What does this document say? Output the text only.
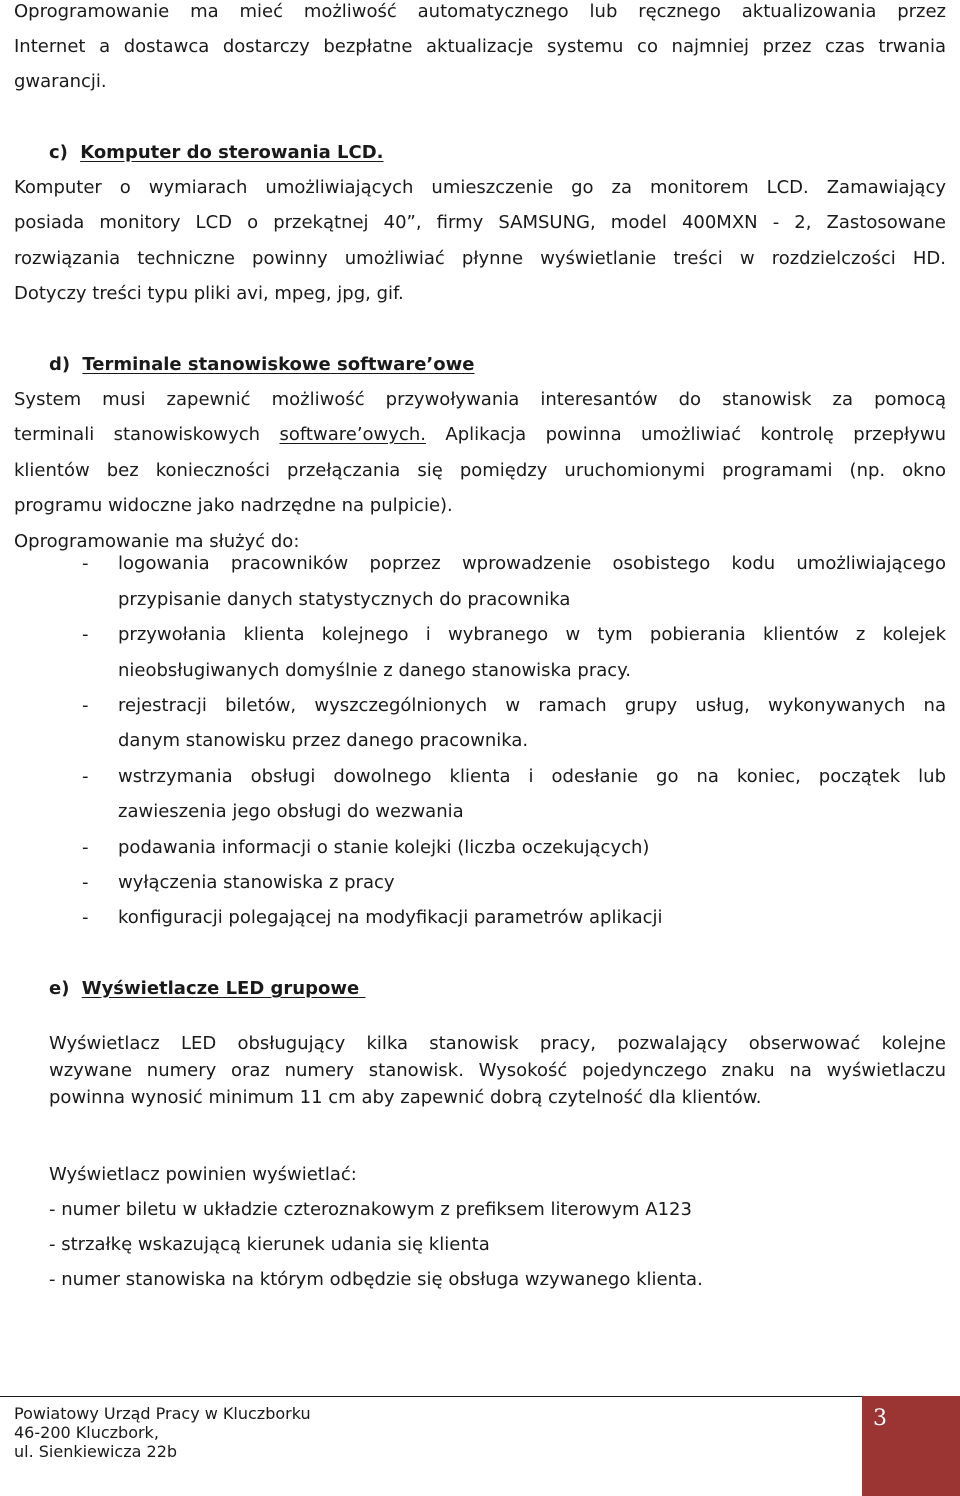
Oprogramowanie ma mieć możliwość automatycznego lub ręcznego aktualizowania przez
Internet a dostawca dostarczy bezpłatne aktualizacje systemu co najmniej przez czas trwania
gwarancji.
c) Komputer do sterowania LCD.
Komputer o wymiarach umożliwiających umieszczenie go za monitorem LCD. Zamawiający
posiada monitory LCD o przekątnej 40”, firmy SAMSUNG, model 400MXN - 2, Zastosowane
rozwiązania techniczne powinny umożliwiać płynne wyświetlanie treści w rozdzielczości HD.
Dotyczy treści typu pliki avi, mpeg, jpg, gif.
d) Terminale stanowiskowe software’owe
System musi zapewnić możliwość przywoływania interesantów do stanowisk za pomocą
terminali stanowiskowych software’owych. Aplikacja powinna umożliwiać kontrolę przepływu
klientów bez konieczności przełączania się pomiędzy uruchomionymi programami (np. okno
programu widoczne jako nadrzędne na pulpicie).
Oprogramowanie ma służyć do:
- logowania pracowników poprzez wprowadzenie osobistego kodu umożliwiającego
przypisanie danych statystycznych do pracownika
- przywołania klienta kolejnego i wybranego w tym pobierania klientów z kolejek
nieobsługiwanych domyślnie z danego stanowiska pracy.
- rejestracji biletów, wyszczególnionych w ramach grupy usług, wykonywanych na
danym stanowisku przez danego pracownika.
- wstrzymania obsługi dowolnego klienta i odesłanie go na koniec, początek lub
zawieszenia jego obsługi do wezwania
- podawania informacji o stanie kolejki (liczba oczekujących)
- wyłączenia stanowiska z pracy
- konfiguracji polegającej na modyfikacji parametrów aplikacji
e) Wyświetlacze LED grupowe
Wyświetlacz LED obsługujący kilka stanowisk pracy, pozwalający obserwować kolejne
wzywane numery oraz numery stanowisk. Wysokość pojedynczego znaku na wyświetlaczu
powinna wynosić minimum 11 cm aby zapewnić dobrą czytelność dla klientów.
Wyświetlacz powinien wyświetlać:
- numer biletu w układzie czteroznakowym z prefiksem literowym A123
- strzałkę wskazującą kierunek udania się klienta
- numer stanowiska na którym odbędzie się obsługa wzywanego klienta.
Powiatowy Urząd Pracy w Kluczborku
46-200 Kluczbork,
ul. Sienkiewicza 22b
3
